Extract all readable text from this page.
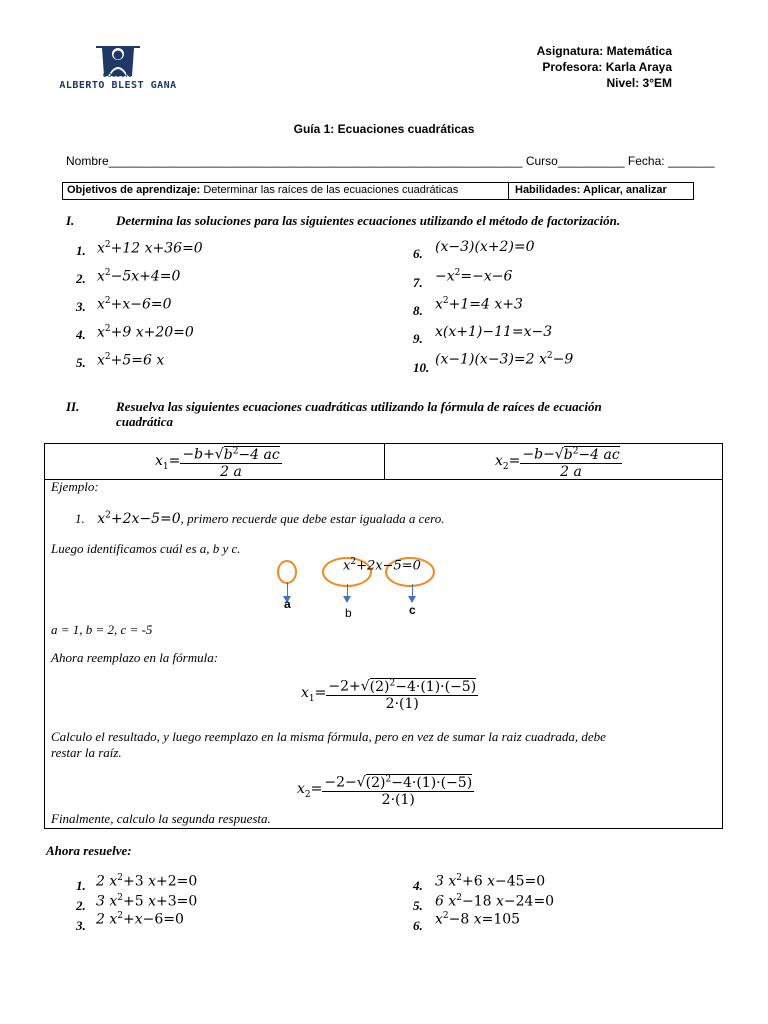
COLEGIO
ALBERTO BLEST GANA
Asignatura: Matemática
Profesora: Karla Araya
Nivel: 3°EM
Guía 1: Ecuaciones cuadráticas
Nombre______________________________________________________________ Curso__________ Fecha: _______
Objetivos de aprendizaje: Determinar las raíces de las ecuaciones cuadráticas	Habilidades: Aplicar, analizar
I.	Determina las soluciones para las siguientes ecuaciones utilizando el método de factorización.
1. $x^2+12$ x+36=0
2. $x^2-5x+4=0$
3. $x^2+x-6=0$
4. $x^2+9$ x+20=0
5. $x^2+5=6$ x
6. (x−3)(x+2)=0
7. $-x^2=-x-6$
8. $x^2+1=4$ x+3
9. x(x+1)−11=x−3
10. (x−1)(x−3)=2 $x^2-9$
II.	Resuelva las siguientes ecuaciones cuadráticas utilizando la fórmula de raíces de ecuación
cuadrática
$x_1= \frac{-b+√b^2-4 ac}{2 a}$	$x_2= \frac{-b-√b^2-4 ac}{2 a}$
Ejemplo:
1. $x^2+2x-5=0$, primero recuerde que debe estar igualada a cero.
Luego identificamos cuál es a, b y c.
$x^2+2x-5=0$
a
b	c
a = 1, b = 2, c = -5
Ahora reemplazo en la fórmula:
$x_1= \frac{-2+√(2)^2-4\cdot(1)\cdot(-5)}{2\cdot(1)}$
Calculo el resultado, y luego reemplazo en la misma fórmula, pero en vez de sumar la raiz cuadrada, debe
restar la raíz.
$x_2= \frac{-2-√(2)^2-4\cdot(1)\cdot(-5)}{2\cdot(1)}$
Finalmente, calculo la segunda respuesta.
Ahora resuelve:
1. 2 $x^2+3$ x+2=0
2. 3 $x^2+5$ x+3=0
3. 2 $x^2+x-6=0$
4. 3 $x^2+6$ x−45=0
5. 6 $x^2-18$ x−24=0
6. $x^2-8$ x=105
